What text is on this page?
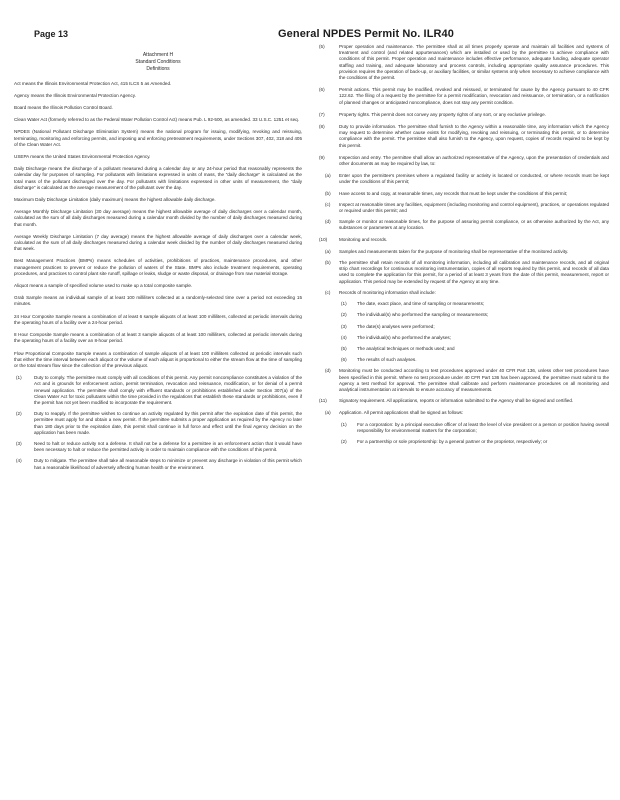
Page 13	General NPDES Permit No. ILR40
Attachment H
Standard Conditions
Definitions

Act means the Illinois Environmental Protection Act, 415 ILCS 5 as Amended.

Agency means the Illinois Environmental Protection Agency.

Board means the Illinois Pollution Control Board.

Clean Water Act (formerly referred to as the Federal Water Pollution Control Act) means Pub. L 92-500, as amended. 33 U.S.C. 1251 et seq.

NPDES (National Pollutant Discharge Elimination System) means the national program for issuing, modifying, revoking and reissuing, terminating, monitoring and enforcing permits, and imposing and enforcing pretreatment requirements, under Sections 307, 402, 318 and 405 of the Clean Water Act.

USEPA means the United States Environmental Protection Agency.

Daily Discharge means the discharge of a pollutant measured during a calendar day or any 24-hour period that reasonably represents the calendar day for purposes of sampling. For pollutants with limitations expressed in units of mass, the "daily discharge" is calculated as the total mass of the pollutant discharged over the day. For pollutants with limitations expressed in other units of measurement, the "daily discharge" is calculated as the average measurement of the pollutant over the day.

Maximum Daily Discharge Limitation (daily maximum) means the highest allowable daily discharge.

Average Monthly Discharge Limitation (30 day average) means the highest allowable average of daily discharges over a calendar month, calculated as the sum of all daily discharges measured during a calendar month divided by the number of daily discharges measured during that month.

Average Weekly Discharge Limitation (7 day average) means the highest allowable average of daily discharges over a calendar week, calculated as the sum of all daily discharges measured during a calendar week divided by the number of daily discharges measured during that week.

Best Management Practices (BMPs) means schedules of activities, prohibitions of practices, maintenance procedures, and other management practices to prevent or reduce the pollution of waters of the State. BMPs also include treatment requirements, operating procedures, and practices to control plant site runoff, spillage or leaks, sludge or waste disposal, or drainage from raw material storage.

Aliquot means a sample of specified volume used to make up a total composite sample.

Grab Sample means an individual sample of at least 100 milliliters collected at a randomly-selected time over a period not exceeding 15 minutes.

24 Hour Composite Sample means a combination of at least 6 sample aliquots of at least 100 milliliters, collected at periodic intervals during the operating hours of a facility over a 24-hour period.

8 Hour Composite Sample means a combination of at least 3 sample aliquots of at least 100 milliliters, collected at periodic intervals during the operating hours of a facility over an 8-hour period.

Flow Proportional Composite Sample means a combination of sample aliquots of at least 100 milliliters collected at periodic intervals such that either the time interval between each aliquot or the volume of each aliquot is proportional to either the stream flow at the time of sampling or the total stream flow since the collection of the previous aliquot.

(1)	Duty to comply. The permittee must comply with all conditions of this permit. Any permit noncompliance constitutes a violation of the Act and is grounds for enforcement action, permit termination, revocation and reissuance, modification, or for denial of a permit renewal application. The permittee shall comply with effluent standards or prohibitions established under Section 307(a) of the Clean Water Act for toxic pollutants within the time provided in the regulations that establish these standards or prohibitions, even if the permit has not yet been modified to incorporate the requirement.
(2)	Duty to reapply. If the permittee wishes to continue an activity regulated by this permit after the expiration date of this permit, the permittee must apply for and obtain a new permit. If the permittee submits a proper application as required by the Agency no later than 180 days prior to the expiration date, this permit shall continue in full force and effect until the final Agency decision on the application has been made.
(3)	Need to halt or reduce activity not a defense. It shall not be a defense for a permittee in an enforcement action that it would have been necessary to halt or reduce the permitted activity in order to maintain compliance with the conditions of this permit.
(4)	Duty to mitigate. The permittee shall take all reasonable steps to minimize or prevent any discharge in violation of this permit which has a reasonable likelihood of adversely affecting human health or the environment.
(5)	Proper operation and maintenance. The permittee shall at all times properly operate and maintain all facilities and systems of treatment and control (and related appurtenances) which are installed or used by the permittee to achieve compliance with conditions of this permit. Proper operation and maintenance includes effective performance, adequate funding, adequate operator staffing and training, and adequate laboratory and process controls, including appropriate quality assurance procedures. This provision requires the operation of back-up, or auxiliary facilities, or similar systems only when necessary to achieve compliance with the conditions of the permit.
(6)	Permit actions. This permit may be modified, revoked and reissued, or terminated for cause by the Agency pursuant to 40 CFR 122.62. The filing of a request by the permittee for a permit modification, revocation and reissuance, or termination, or a notification of planned changes or anticipated noncompliance, does not stay any permit condition.
(7)	Property rights. This permit does not convey any property rights of any sort, or any exclusive privilege.
(8)	Duty to provide information. The permittee shall furnish to the Agency within a reasonable time, any information which the Agency may request to determine whether cause exists for modifying, revoking and reissuing, or terminating this permit, or to determine compliance with the permit. The permittee shall also furnish to the Agency, upon request, copies of records required to be kept by this permit.
(9)	Inspection and entry. The permittee shall allow an authorized representative of the Agency, upon the presentation of credentials and other documents as may be required by law, to:
(a) Enter upon the permittee's premises where a regulated facility or activity is located or conducted, or where records must be kept under the conditions of this permit;
(b) Have access to and copy, at reasonable times, any records that must be kept under the conditions of this permit;
(c) Inspect at reasonable times any facilities, equipment (including monitoring and control equipment), practices, or operations regulated or required under this permit; and
(d) Sample or monitor at reasonable times, for the purpose of assuring permit compliance, or as otherwise authorized by the Act, any substances or parameters at any location.
(10)	Monitoring and records.
(a) Samples and measurements taken for the purpose of monitoring shall be representative of the monitored activity.
(b) The permittee shall retain records of all monitoring information, including all calibration and maintenance records, and all original strip chart recordings for continuous monitoring instrumentation, copies of all reports required by this permit, and records of all data used to complete the application for this permit, for a period of at least 3 years from the date of this permit, measurement, report or application. This period may be extended by request of the Agency at any time.
(c) Records of monitoring information shall include:
(1) The date, exact place, and time of sampling or measurements;
(2) The individual(s) who performed the sampling or measurements;
(3) The date(s) analyses were performed;
(4) The individual(s) who performed the analyses;
(5) The analytical techniques or methods used; and
(6) The results of such analyses.
(d) Monitoring must be conducted according to test procedures approved under 40 CFR Part 136, unless other test procedures have been specified in this permit. Where no test procedure under 40 CFR Part 136 has been approved, the permittee must submit to the Agency a test method for approval. The permittee shall calibrate and perform maintenance procedures on all monitoring and analytical instrumentation at intervals to ensure accuracy of measurements.
(11)	Signatory requirement. All applications, reports or information submitted to the Agency shall be signed and certified.
(a) Application. All permit applications shall be signed as follows:
(1) For a corporation: by a principal executive officer of at least the level of vice president or a person or position having overall responsibility for environmental matters for the corporation;
(2) For a partnership or sole proprietorship: by a general partner or the proprietor, respectively; or
